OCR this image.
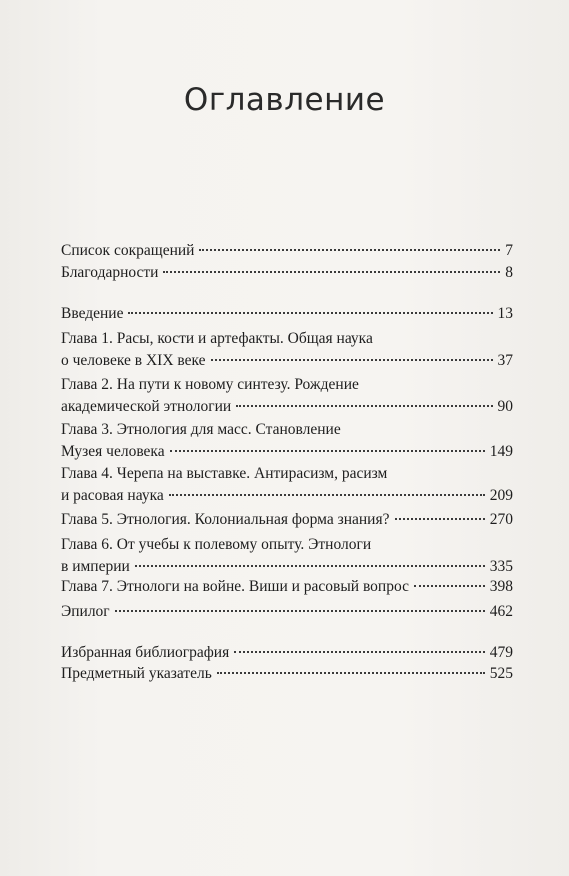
Оглавление
Список сокращений	7
Благодарности	8
Введение	13
Глава 1. Расы, кости и артефакты. Общая наука
о человеке в XIX веке	37
Глава 2. На пути к новому синтезу. Рождение
академической этнологии	90
Глава 3. Этнология для масс. Становление
Музея человека	149
Глава 4. Черепа на выставке. Антирасизм, расизм
и расовая наука	209
Глава 5. Этнология. Колониальная форма знания?	270
Глава 6. От учебы к полевому опыту. Этнологи
в империи	335
Глава 7. Этнологи на войне. Виши и расовый вопрос	398
Эпилог	462
Избранная библиография	479
Предметный указатель	525
